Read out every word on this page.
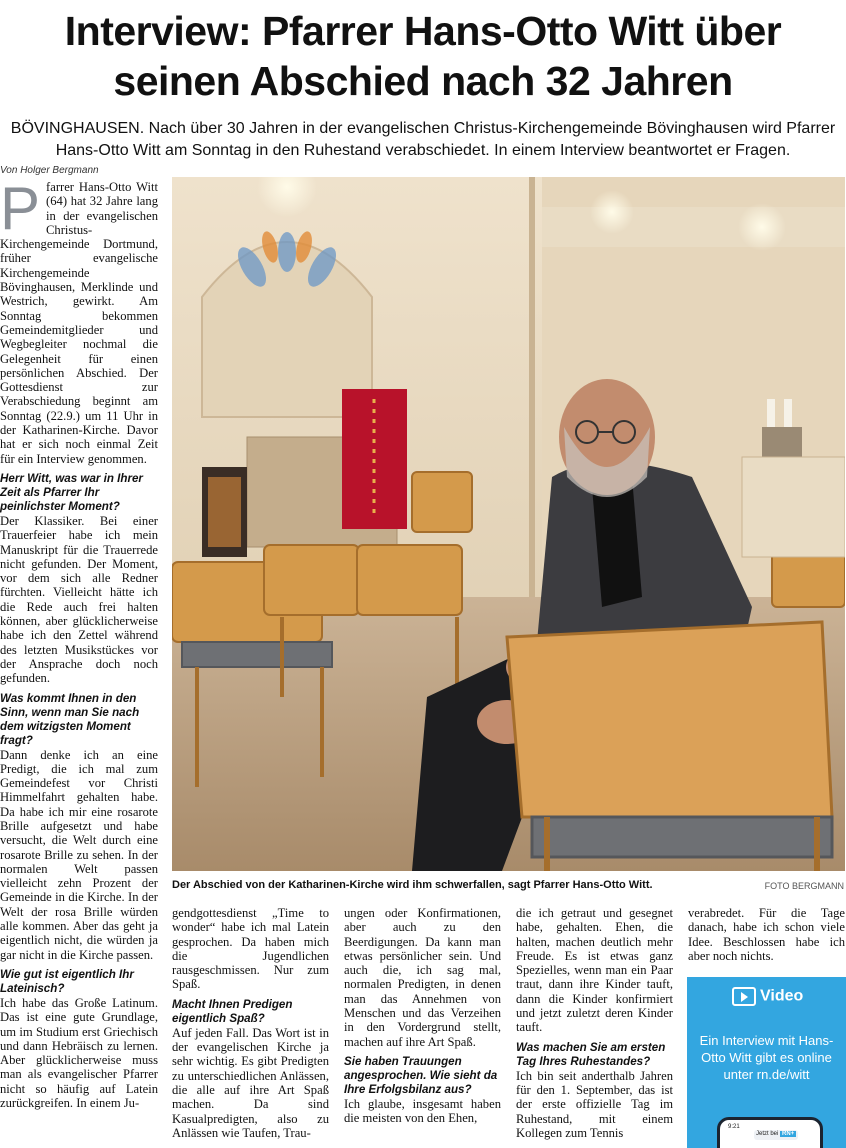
Interview: Pfarrer Hans-Otto Witt über
seinen Abschied nach 32 Jahren

BÖVINGHAUSEN. Nach über 30 Jahren in der evangelischen Christus-Kirchengemeinde Bövinghausen wird Pfarrer Hans-Otto Witt am Sonntag in den Ruhestand verabschiedet. In einem Interview beantwortet er Fragen.

Von Holger Bergmann

Pfarrer Hans-Otto Witt (64) hat 32 Jahre lang in der evangelischen Christus-Kirchengemeinde Dortmund, früher evangelische Kirchengemeinde Bövinghausen, Merklinde und Westrich, gewirkt. Am Sonntag bekommen Gemeindemitglieder und Wegbegleiter nochmal die Gelegenheit für einen persönlichen Abschied. Der Gottesdienst zur Verabschiedung beginnt am Sonntag (22.9.) um 11 Uhr in der Katharinen-Kirche. Davor hat er sich noch einmal Zeit für ein Interview genommen.

Herr Witt, was war in Ihrer Zeit als Pfarrer Ihr peinlichster Moment?

Der Klassiker. Bei einer Trauerfeier habe ich mein Manuskript für die Trauerrede nicht gefunden. Der Moment, vor dem sich alle Redner fürchten. Vielleicht hätte ich die Rede auch frei halten können, aber glücklicherweise habe ich den Zettel während des letzten Musikstückes vor der Ansprache doch noch gefunden.

Was kommt Ihnen in den Sinn, wenn man Sie nach dem witzigsten Moment fragt?

Dann denke ich an eine Predigt, die ich mal zum Gemeindefest vor Christi Himmelfahrt gehalten habe. Da habe ich mir eine rosarote Brille aufgesetzt und habe versucht, die Welt durch eine rosarote Brille zu sehen. In der normalen Welt passen vielleicht zehn Prozent der Gemeinde in die Kirche. In der Welt der rosa Brille würden alle kommen. Aber das geht ja eigentlich nicht, die würden ja gar nicht in die Kirche passen.

Wie gut ist eigentlich Ihr Lateinisch?

Ich habe das Große Latinum. Das ist eine gute Grundlage, um im Studium erst Griechisch und dann Hebräisch zu lernen. Aber glücklicherweise muss man als evangelischer Pfarrer nicht so häufig auf Latein zurückgreifen. In einem Ju-

gendgottesdienst „Time to wonder“ habe ich mal Latein gesprochen. Da haben mich die Jugendlichen rausgeschmissen. Nur zum Spaß.

Macht Ihnen Predigen eigentlich Spaß?

Auf jeden Fall. Das Wort ist in der evangelischen Kirche ja sehr wichtig. Es gibt Predigten zu unterschiedlichen Anlässen, die alle auf ihre Art Spaß machen. Da sind Kasualpredigten, also zu Anlässen wie Taufen, Trau-

ungen oder Konfirmationen, aber auch zu den Beerdigungen. Da kann man etwas persönlicher sein. Und auch die, ich sag mal, normalen Predigten, in denen man das Annehmen von Menschen und das Verzeihen in den Vordergrund stellt, machen auf ihre Art Spaß.

Sie haben Trauungen angesprochen. Wie sieht da Ihre Erfolgsbilanz aus?

Ich glaube, insgesamt haben die meisten von den Ehen,

die ich getraut und gesegnet habe, gehalten. Ehen, die halten, machen deutlich mehr Freude. Es ist etwas ganz Spezielles, wenn man ein Paar traut, dann ihre Kinder tauft, dann die Kinder konfirmiert und jetzt zuletzt deren Kinder tauft.

Was machen Sie am ersten Tag Ihres Ruhestandes?

Ich bin seit anderthalb Jahren für den 1. September, das ist der erste offizielle Tag im Ruhestand, mit einem Kollegen zum Tennis

verabredet. Für die Tage danach, habe ich schon viele Idee. Beschlossen habe ich aber noch nichts.

Der Abschied von der Katharinen-Kirche wird ihm schwerfallen, sagt Pfarrer Hans-Otto Witt.	FOTO BERGMANN
Video
Ein Interview mit Hans-Otto Witt gibt es online unter rn.de/witt
9:21
Jetzt bei RN+
